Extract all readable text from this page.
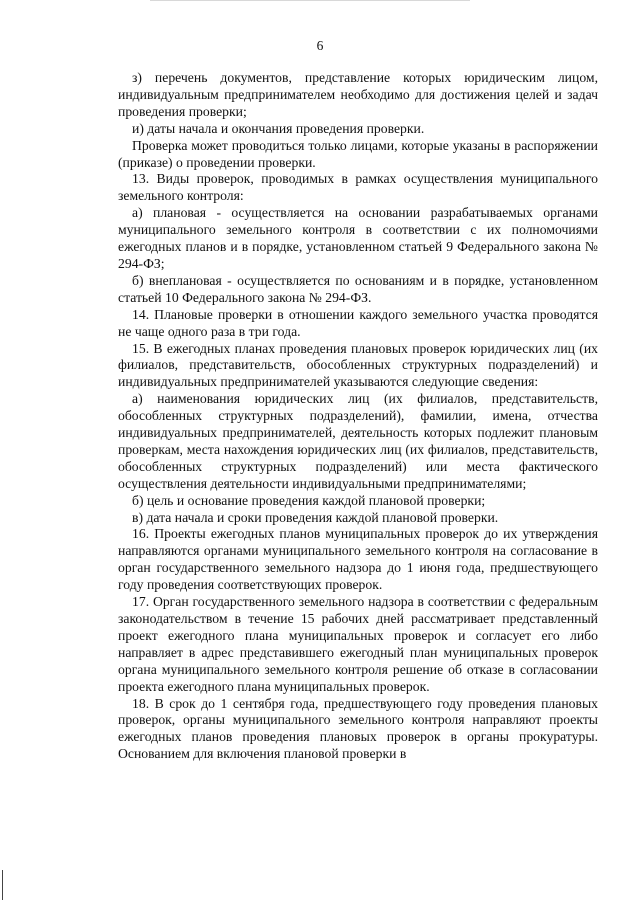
6

з) перечень документов, представление которых юридическим лицом, индивидуальным предпринимателем необходимо для достижения целей и задач проведения проверки;

и) даты начала и окончания проведения проверки.

Проверка может проводиться только лицами, которые указаны в распоряжении (приказе) о проведении проверки.

13. Виды проверок, проводимых в рамках осуществления муниципального земельного контроля:

а) плановая - осуществляется на основании разрабатываемых органами муниципального земельного контроля в соответствии с их полномочиями ежегодных планов и в порядке, установленном статьей 9 Федерального закона № 294-ФЗ;

б) внеплановая - осуществляется по основаниям и в порядке, установленном статьей 10 Федерального закона № 294-ФЗ.

14. Плановые проверки в отношении каждого земельного участка проводятся не чаще одного раза в три года.

15. В ежегодных планах проведения плановых проверок юридических лиц (их филиалов, представительств, обособленных структурных подразделений) и индивидуальных предпринимателей указываются следующие сведения:

а) наименования юридических лиц (их филиалов, представительств, обособленных структурных подразделений), фамилии, имена, отчества индивидуальных предпринимателей, деятельность которых подлежит плановым проверкам, места нахождения юридических лиц (их филиалов, представительств, обособленных структурных подразделений) или места фактического осуществления деятельности индивидуальными предпринимателями;

б) цель и основание проведения каждой плановой проверки;

в) дата начала и сроки проведения каждой плановой проверки.

16. Проекты ежегодных планов муниципальных проверок до их утверждения направляются органами муниципального земельного контроля на согласование в орган государственного земельного надзора до 1 июня года, предшествующего году проведения соответствующих проверок.

17. Орган государственного земельного надзора в соответствии с федеральным законодательством в течение 15 рабочих дней рассматривает представленный проект ежегодного плана муниципальных проверок и согласует его либо направляет в адрес представившего ежегодный план муниципальных проверок органа муниципального земельного контроля решение об отказе в согласовании проекта ежегодного плана муниципальных проверок.

18. В срок до 1 сентября года, предшествующего году проведения плановых проверок, органы муниципального земельного контроля направляют проекты ежегодных планов проведения плановых проверок в органы прокуратуры. Основанием для включения плановой проверки в
